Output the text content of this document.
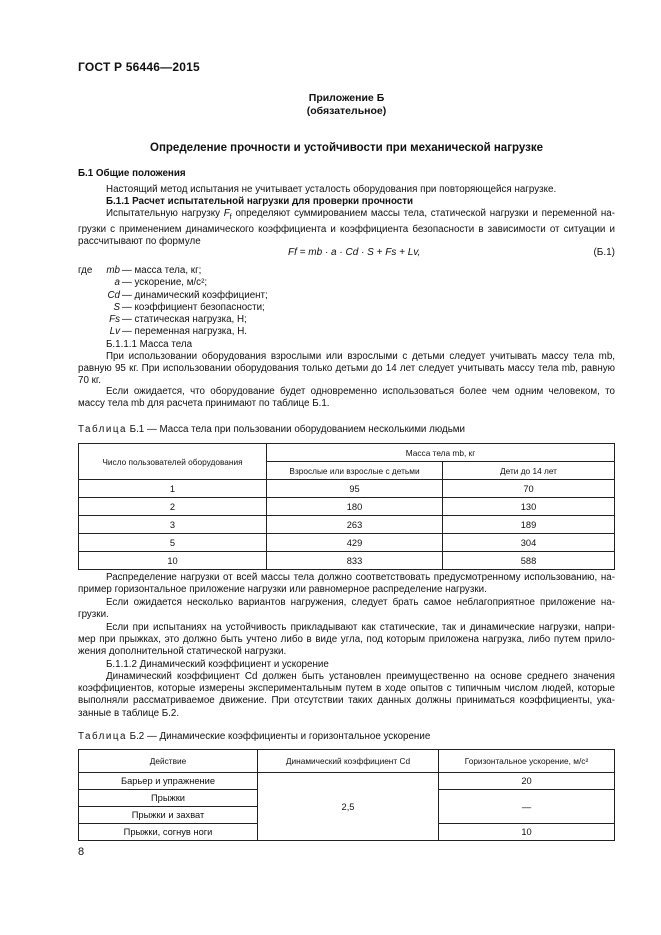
ГОСТ Р 56446—2015
Приложение Б
(обязательное)
Определение прочности и устойчивости при механической нагрузке
Б.1 Общие положения
Настоящий метод испытания не учитывает усталость оборудования при повторяющейся нагрузке.
Б.1.1 Расчет испытательной нагрузки для проверки прочности
Испытательную нагрузку $F_f$ определяют суммированием массы тела, статической нагрузки и переменной на-грузки с применением динамического коэффициента и коэффициента безопасности в зависимости от ситуации и рассчитывают по формуле
Ff = mb · a · Cd · S + Fs + Lv,	(Б.1)
где	mb — масса тела, кг;
a — ускорение, м/с²;
Cd — динамический коэффициент;
S — коэффициент безопасности;
Fs — статическая нагрузка, Н;
Lv — переменная нагрузка, Н.
Б.1.1.1 Масса тела
При использовании оборудования взрослыми или взрослыми с детьми следует учитывать массу тела mb, равную 95 кг. При использовании оборудования только детьми до 14 лет следует учитывать массу тела mb, равную 70 кг.
Если ожидается, что оборудование будет одновременно использоваться более чем одним человеком, то массу тела mb для расчета принимают по таблице Б.1.
Таблица Б.1 — Масса тела при пользовании оборудованием несколькими людьми
Число пользователей оборудования	Масса тела mb, кг	
	Взрослые или взрослые с детьми	Дети до 14 лет
1	95	70
2	180	130
3	263	189
5	429	304
10	833	588
Распределение нагрузки от всей массы тела должно соответствовать предусмотренному использованию, на-пример горизонтальное приложение нагрузки или равномерное распределение нагрузки.
Если ожидается несколько вариантов нагружения, следует брать самое неблагоприятное приложение на-грузки.
Если при испытаниях на устойчивость прикладывают как статические, так и динамические нагрузки, напри-мер при прыжках, это должно быть учтено либо в виде угла, под которым приложена нагрузка, либо путем прило-жения дополнительной статической нагрузки.
Б.1.1.2 Динамический коэффициент и ускорение
Динамический коэффициент Cd должен быть установлен преимущественно на основе среднего значения коэффициентов, которые измерены экспериментальным путем в ходе опытов с типичным числом людей, которые выполняли рассматриваемое движение. При отсутствии таких данных должны приниматься коэффициенты, ука-занные в таблице Б.2.
Таблица Б.2 — Динамические коэффициенты и горизонтальное ускорение
Действие	Динамический коэффициент Cd	Горизонтальное ускорение, м/с²
Барьер и упражнение	2,5	20
Прыжки		—
Прыжки и захват		
Прыжки, согнув ноги		10
8
